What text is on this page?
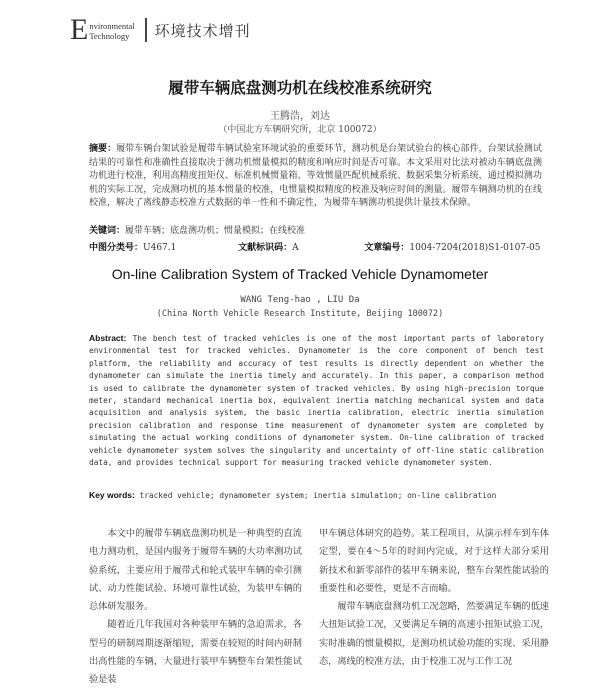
E nvironmental
Technology	环境技术增刊
履带车辆底盘测功机在线校准系统研究
王腾浩，刘达
（中国北方车辆研究所，北京 100072）
摘要：履带车辆台架试验是履带车辆试验室环境试验的重要环节，测功机是台架试验台的核心部件，台架试验测试结果的可靠性和准确性直接取决于测功机惯量模拟的精度和响应时间是否可靠。本文采用对比法对被动车辆底盘测功机进行校准，利用高精度扭矩仪、标准机械惯量箱、等效惯量匹配机械系统、数据采集分析系统，通过模拟测功机的实际工况，完成测功机的基本惯量的校准，电惯量模拟精度的校准及响应时间的测量。履带车辆测功机的在线校准，解决了离线静态校准方式数据的单一性和不确定性，为履带车辆测功机提供计量技术保障。
关键词：履带车辆；底盘测功机；惯量模拟；在线校准
中图分类号：U467.1	文献标识码：A	文章编号：1004-7204(2018)S1-0107-05
On-line Calibration System of Tracked Vehicle Dynamometer
WANG Teng-hao , LIU Da
(China North Vehicle Research Institute, Beijing 100072)
Abstract: The bench test of tracked vehicles is one of the most important parts of laboratory environmental test for tracked vehicles. Dynamometer is the core component of bench test platform, the reliability and accuracy of test results is directly dependent on whether the dynamometer can simulate the inertia timely and accurately. In this paper, a comparison method is used to calibrate the dynamometer system of tracked vehicles. By using high-precision torque meter, standard mechanical inertia box, equivalent inertia matching mechanical system and data acquisition and analysis system, the basic inertia calibration, electric inertia simulation precision calibration and response time measurement of dynamometer system are completed by simulating the actual working conditions of dynamometer system. On-line calibration of tracked vehicle dynamometer system solves the singularity and uncertainty of off-line static calibration data, and provides technical support for measuring tracked vehicle dynamometer system.
Key words: tracked vehicle; dynamometer system; inertia simulation; on-line calibration

本文中的履带车辆底盘测功机是一种典型的直流电力测功机，是国内服务于履带车辆的大功率测功试验系统，主要应用于履带式和轮式装甲车辆的牵引测试、动力性能试验、环境可靠性试验，为装甲车辆的总体研发服务。

随着近几年我国对各种装甲车辆的急迫需求，各型号的研制周期逐渐缩短，需要在较短的时间内研制出高性能的车辆，大量进行装甲车辆整车台架性能试验是装

甲车辆总体研究的趋势。某工程项目，从演示样车到车体定型，要在4～5年的时间内完成，对于这样大部分采用新技术和新零部件的装甲车辆来说，整车台架性能试验的重要性和必要性，更是不言而喻。

履带车辆底盘测功机工况忽略，然要满足车辆的低速大扭矩试验工况，又要满足车辆的高速小扭矩试验工况，实时准确的惯量模拟，是测功机试验功能的实现、采用静态，离线的校准方法，由于校准工况与工作工况
